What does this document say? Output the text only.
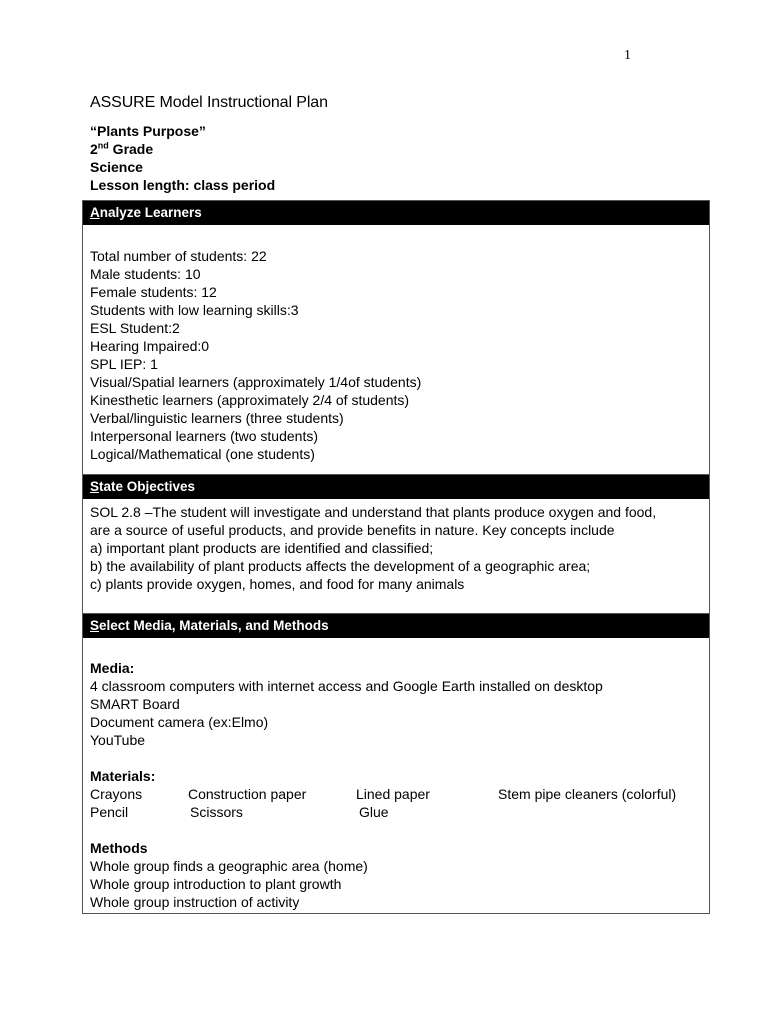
1
ASSURE Model Instructional Plan
“Plants Purpose”
2nd Grade
Science
Lesson length: class period
Analyze Learners
Total number of students: 22
Male students: 10
Female students: 12
Students with low learning skills:3
ESL Student:2
Hearing Impaired:0
SPL IEP: 1
Visual/Spatial learners (approximately 1/4of students)
Kinesthetic learners (approximately 2/4 of students)
Verbal/linguistic learners (three students)
Interpersonal learners (two students)
Logical/Mathematical (one students)
State Objectives
SOL 2.8 –The student will investigate and understand that plants produce oxygen and food,
are a source of useful products, and provide benefits in nature. Key concepts include
a) important plant products are identified and classified;
b) the availability of plant products affects the development of a geographic area;
c) plants provide oxygen, homes, and food for many animals
Select Media, Materials, and Methods
Media:
4 classroom computers with internet access and Google Earth installed on desktop
SMART Board
Document camera (ex:Elmo)
YouTube
Materials:
Crayons	Construction paper	Lined paper	Stem pipe cleaners (colorful)
Pencil	Scissors	Glue
Methods
Whole group finds a geographic area (home)
Whole group introduction to plant growth
Whole group instruction of activity
